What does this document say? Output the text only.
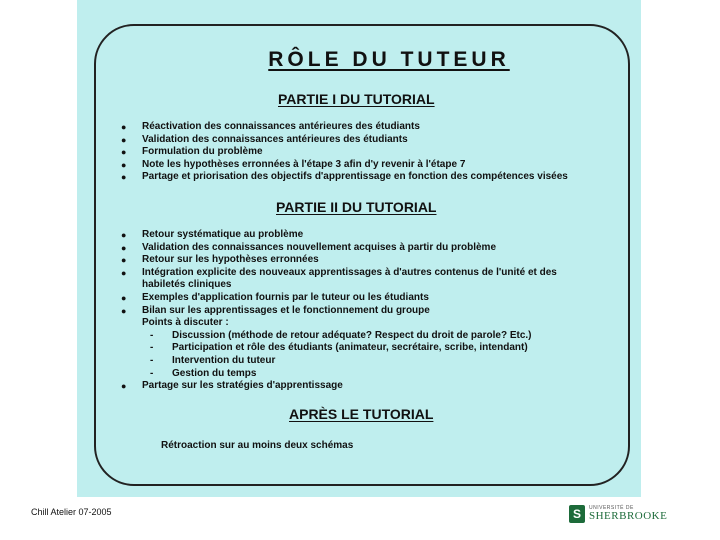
RÔLE DU TUTEUR
PARTIE I DU TUTORIAL
● Réactivation des connaissances antérieures des étudiants
● Validation des connaissances antérieures des étudiants
● Formulation du problème
● Note les hypothèses erronnées à l'étape 3 afin d'y revenir à l'étape 7
● Partage et priorisation des objectifs d'apprentissage en fonction des compétences visées
PARTIE II DU TUTORIAL
● Retour systématique au problème
● Validation des connaissances nouvellement acquises à partir du problème
● Retour sur les hypothèses erronnées
● Intégration explicite des nouveaux apprentissages à d'autres contenus de l'unité et des habiletés cliniques
● Exemples d'application fournis par le tuteur ou les étudiants
● Bilan sur les apprentissages et le fonctionnement du groupe
Points à discuter :
- Discussion (méthode de retour adéquate? Respect du droit de parole? Etc.)
- Participation et rôle des étudiants (animateur, secrétaire, scribe, intendant)
- Intervention du tuteur
- Gestion du temps
● Partage sur les stratégies d'apprentissage
APRÈS LE TUTORIAL
Rétroaction sur au moins deux schémas
Chill Atelier 07-2005	S	UNIVERSITÉ DE
SHERBROOKE
